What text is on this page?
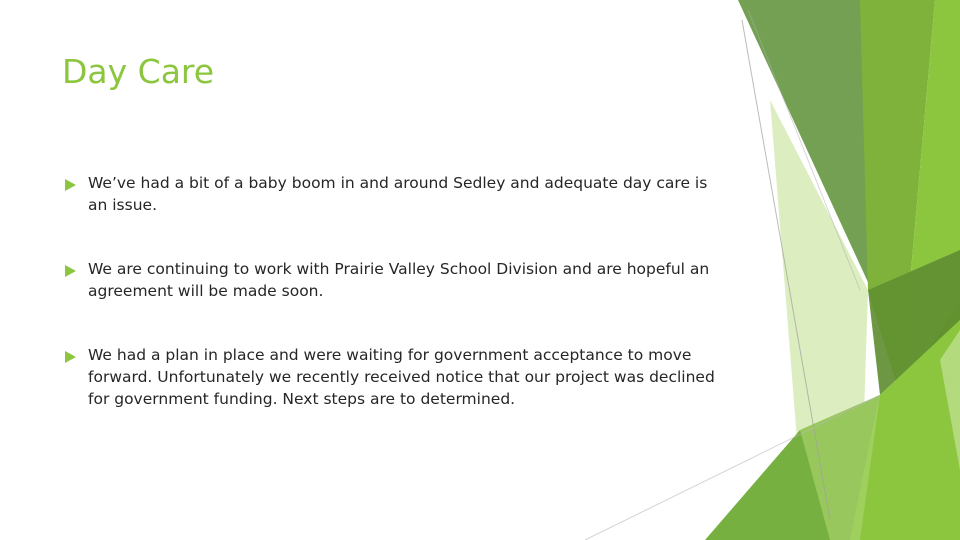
Day Care
We’ve had a bit of a baby boom in and around Sedley and adequate day care is an issue.
We are continuing to work with Prairie Valley School Division and are hopeful an agreement will be made soon.
We had a plan in place and were waiting for government acceptance to move forward. Unfortunately we recently received notice that our project was declined for government funding. Next steps are to determined.
